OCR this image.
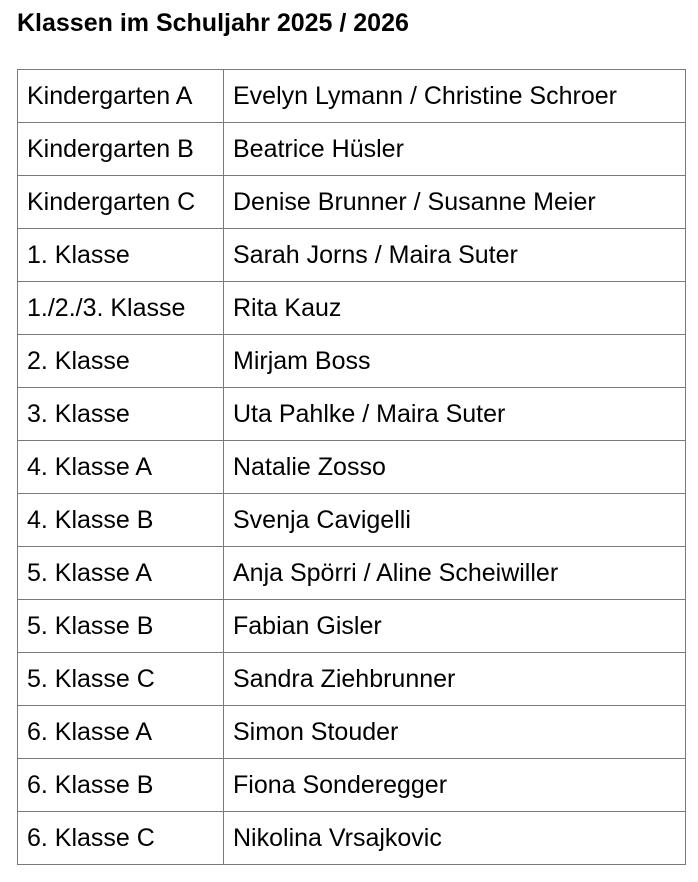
Klassen im Schuljahr 2025 / 2026
Kindergarten A	Evelyn Lymann / Christine Schroer
Kindergarten B	Beatrice Hüsler
Kindergarten C	Denise Brunner / Susanne Meier
1. Klasse	Sarah Jorns / Maira Suter
1./2./3. Klasse	Rita Kauz
2. Klasse	Mirjam Boss
3. Klasse	Uta Pahlke / Maira Suter
4. Klasse A	Natalie Zosso
4. Klasse B	Svenja Cavigelli
5. Klasse A	Anja Spörri / Aline Scheiwiller
5. Klasse B	Fabian Gisler
5. Klasse C	Sandra Ziehbrunner
6. Klasse A	Simon Stouder
6. Klasse B	Fiona Sonderegger
6. Klasse C	Nikolina Vrsajkovic
